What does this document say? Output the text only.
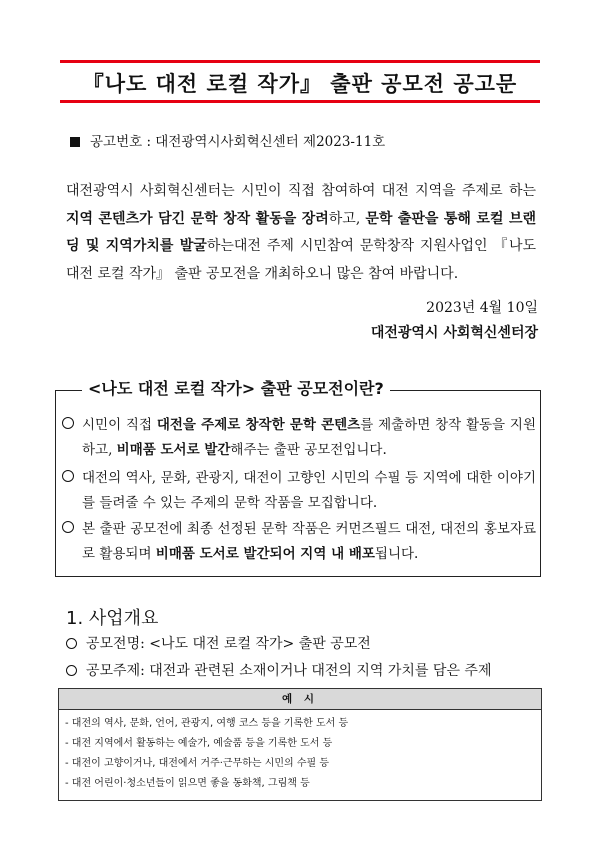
『나도 대전 로컬 작가』 출판 공모전 공고문
공고번호 : 대전광역시사회혁신센터 제2023-11호
대전광역시 사회혁신센터는 시민이 직접 참여하여 대전 지역을 주제로 하는 지역 콘텐츠가 담긴 문학 창작 활동을 장려하고, 문학 출판을 통해 로컬 브랜딩 및 지역가치를 발굴하는대전 주제 시민참여 문학창작 지원사업인 『나도 대전 로컬 작가』 출판 공모전을 개최하오니 많은 참여 바랍니다.
2023년 4월 10일
대전광역시 사회혁신센터장
<나도 대전 로컬 작가> 출판 공모전이란?
시민이 직접 대전을 주제로 창작한 문학 콘텐츠를 제출하면 창작 활동을 지원하고, 비매품 도서로 발간해주는 출판 공모전입니다.
대전의 역사, 문화, 관광지, 대전이 고향인 시민의 수필 등 지역에 대한 이야기를 들려줄 수 있는 주제의 문학 작품을 모집합니다.
본 출판 공모전에 최종 선정된 문학 작품은 커먼즈필드 대전, 대전의 홍보자료로 활용되며 비매품 도서로 발간되어 지역 내 배포됩니다.
1. 사업개요
공모전명: <나도 대전 로컬 작가> 출판 공모전
공모주제: 대전과 관련된 소재이거나 대전의 지역 가치를 담은 주제
예 시
- 대전의 역사, 문화, 언어, 관광지, 여행 코스 등을 기록한 도서 등
- 대전 지역에서 활동하는 예술가, 예술품 등을 기록한 도서 등
- 대전이 고향이거나, 대전에서 거주·근무하는 시민의 수필 등
- 대전 어린이·청소년들이 읽으면 좋을 동화책, 그림책 등
